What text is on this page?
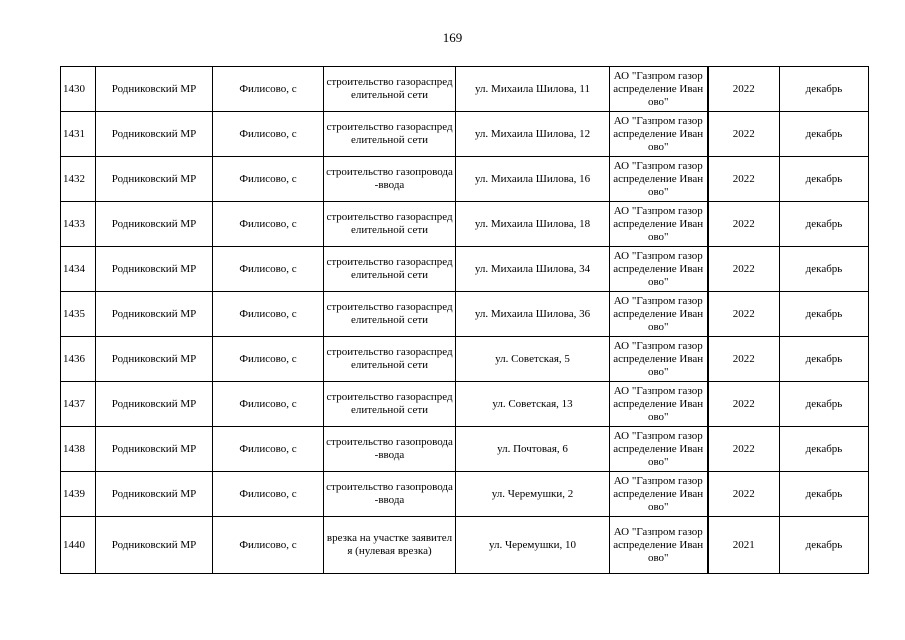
169
1430	Родниковский МР	Филисово, с	строительство газораспределительной сети	ул. Михаила Шилова, 11	АО "Газпром газораспределение Иваново"	2022	декабрь
1431	Родниковский МР	Филисово, с	строительство газораспределительной сети	ул. Михаила Шилова, 12	АО "Газпром газораспределение Иваново"	2022	декабрь
1432	Родниковский МР	Филисово, с	строительство газопровода-ввода	ул. Михаила Шилова, 16	АО "Газпром газораспределение Иваново"	2022	декабрь
1433	Родниковский МР	Филисово, с	строительство газораспределительной сети	ул. Михаила Шилова, 18	АО "Газпром газораспределение Иваново"	2022	декабрь
1434	Родниковский МР	Филисово, с	строительство газораспределительной сети	ул. Михаила Шилова, 34	АО "Газпром газораспределение Иваново"	2022	декабрь
1435	Родниковский МР	Филисово, с	строительство газораспределительной сети	ул. Михаила Шилова, 36	АО "Газпром газораспределение Иваново"	2022	декабрь
1436	Родниковский МР	Филисово, с	строительство газораспределительной сети	ул. Советская, 5	АО "Газпром газораспределение Иваново"	2022	декабрь
1437	Родниковский МР	Филисово, с	строительство газораспределительной сети	ул. Советская, 13	АО "Газпром газораспределение Иваново"	2022	декабрь
1438	Родниковский МР	Филисово, с	строительство газопровода-ввода	ул. Почтовая, 6	АО "Газпром газораспределение Иваново"	2022	декабрь
1439	Родниковский МР	Филисово, с	строительство газопровода-ввода	ул. Черемушки, 2	АО "Газпром газораспределение Иваново"	2022	декабрь
1440	Родниковский МР	Филисово, с	врезка на участке заявителя (нулевая врезка)	ул. Черемушки, 10	АО "Газпром газораспределение Иваново"	2021	декабрь
